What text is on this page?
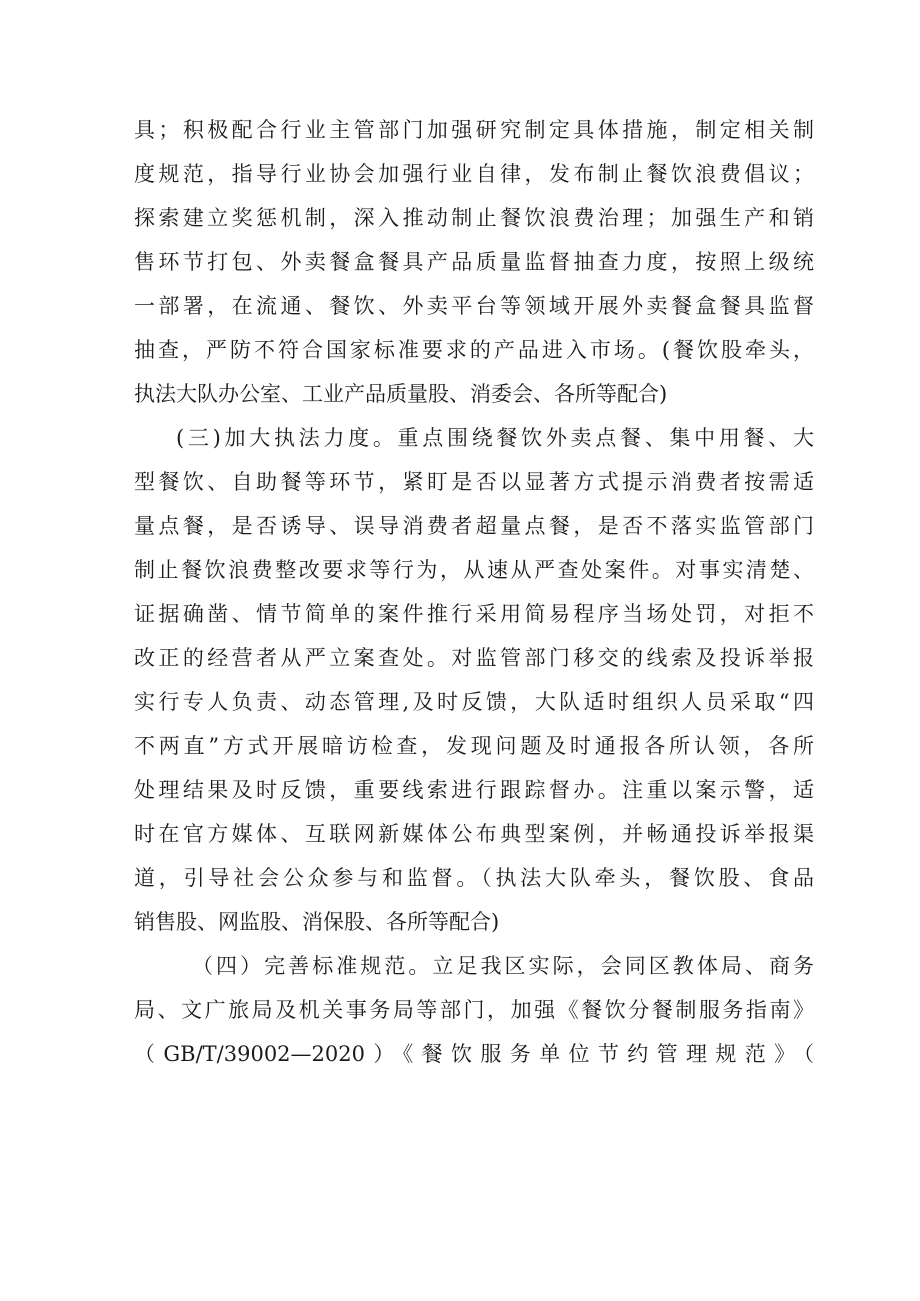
具；积极配合行业主管部门加强研究制定具体措施，制定相关制
度规范，指导行业协会加强行业自律，发布制止餐饮浪费倡议；
探索建立奖惩机制，深入推动制止餐饮浪费治理；加强生产和销
售环节打包、外卖餐盒餐具产品质量监督抽查力度，按照上级统
一部署，在流通、餐饮、外卖平台等领域开展外卖餐盒餐具监督
抽查，严防不符合国家标准要求的产品进入市场。(餐饮股牵头，
执法大队办公室、工业产品质量股、消委会、各所等配合)
(三)加大执法力度。重点围绕餐饮外卖点餐、集中用餐、大
型餐饮、自助餐等环节，紧盯是否以显著方式提示消费者按需适
量点餐，是否诱导、误导消费者超量点餐，是否不落实监管部门
制止餐饮浪费整改要求等行为，从速从严查处案件。对事实清楚、
证据确凿、情节简单的案件推行采用简易程序当场处罚，对拒不
改正的经营者从严立案查处。对监管部门移交的线索及投诉举报
实行专人负责、动态管理,及时反馈，大队适时组织人员采取“四
不两直”方式开展暗访检查，发现问题及时通报各所认领，各所
处理结果及时反馈，重要线索进行跟踪督办。注重以案示警，适
时在官方媒体、互联网新媒体公布典型案例，并畅通投诉举报渠
道，引导社会公众参与和监督。（执法大队牵头，餐饮股、食品
销售股、网监股、消保股、各所等配合)
（四）完善标准规范。立足我区实际，会同区教体局、商务
局、文广旅局及机关事务局等部门，加强《餐饮分餐制服务指南》
（GB/T/39002—2020）《餐饮服务单位节约管理规范》（
